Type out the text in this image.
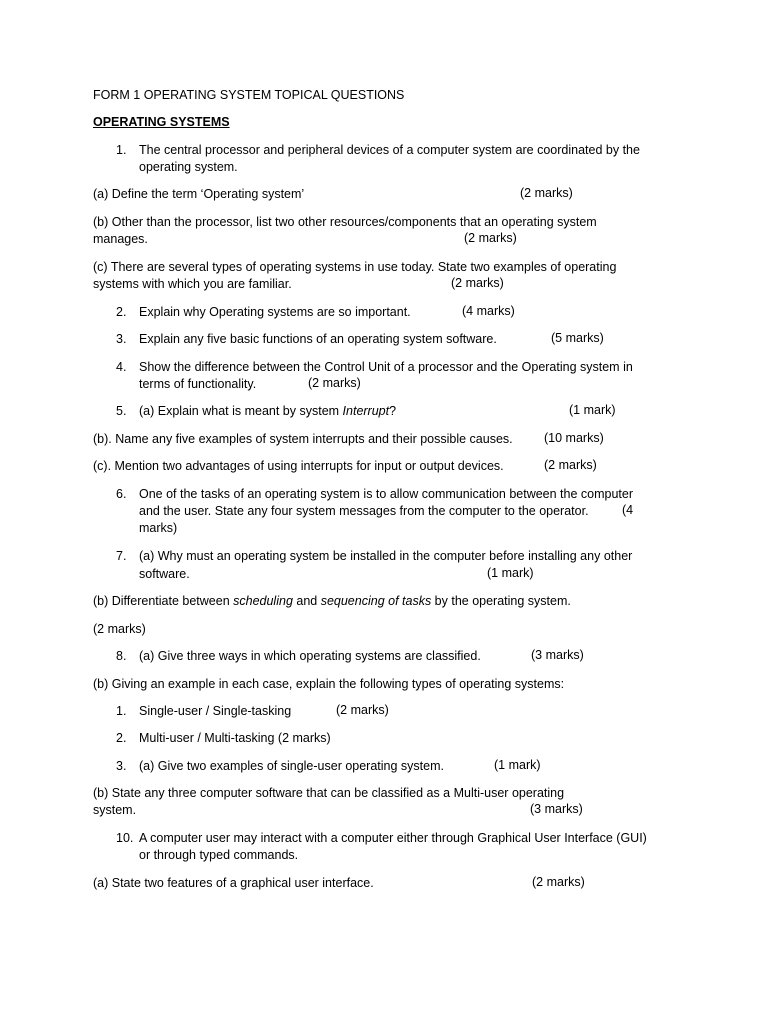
FORM 1 OPERATING SYSTEM TOPICAL QUESTIONS

OPERATING SYSTEMS

1. The central processor and peripheral devices of a computer system are coordinated by the

operating system.

(a) Define the term ‘Operating system’	(2 marks)

(b) Other than the processor, list two other resources/components that an operating system

manages.	(2 marks)

(c) There are several types of operating systems in use today. State two examples of operating

systems with which you are familiar.	(2 marks)
2. Explain why Operating systems are so important.	(4 marks)
3. Explain any five basic functions of an operating system software.	(5 marks)
4. Show the difference between the Control Unit of a processor and the Operating system in

terms of functionality.	(2 marks)
5. (a) Explain what is meant by system Interrupt?	(1 mark)

(b). Name any five examples of system interrupts and their possible causes.	(10 marks)

(c). Mention two advantages of using interrupts for input or output devices.	(2 marks)
6. One of the tasks of an operating system is to allow communication between the computer

and the user. State any four system messages from the computer to the operator.	(4

marks)

7. (a) Why must an operating system be installed in the computer before installing any other

software.	(1 mark)

(b) Differentiate between scheduling and sequencing of tasks by the operating system.

(2 marks)

8. (a) Give three ways in which operating systems are classified.	(3 marks)

(b) Giving an example in each case, explain the following types of operating systems:

1. Single-user / Single-tasking	(2 marks)
2. Multi-user / Multi-tasking (2 marks)

3. (a) Give two examples of single-user operating system.	(1 mark)

(b) State any three computer software that can be classified as a Multi-user operating

system.	(3 marks)
10. A computer user may interact with a computer either through Graphical User Interface (GUI)

or through typed commands.

(a) State two features of a graphical user interface.	(2 marks)
